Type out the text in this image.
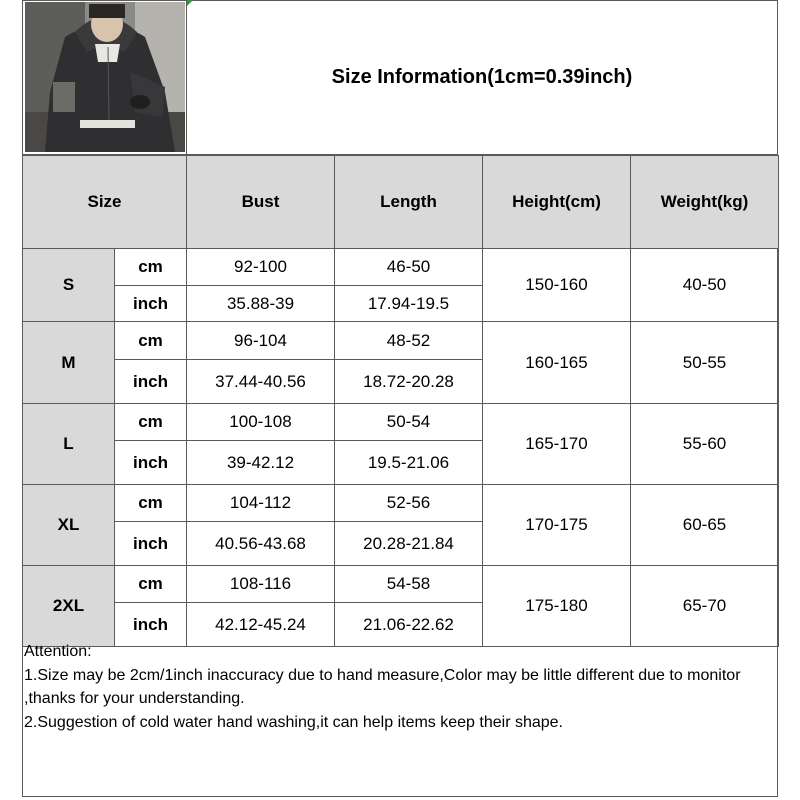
Size Information(1cm=0.39inch)
Size		Bust	Length	Height(cm)	Weight(kg)
S	cm	92-100	46-50	150-160	40-50
	inch	35.88-39	17.94-19.5		
M	cm	96-104	48-52	160-165	50-55
	inch	37.44-40.56	18.72-20.28		
L	cm	100-108	50-54	165-170	55-60
	inch	39-42.12	19.5-21.06		
XL	cm	104-112	52-56	170-175	60-65
	inch	40.56-43.68	20.28-21.84		
2XL	cm	108-116	54-58	175-180	65-70
	inch	42.12-45.24	21.06-22.62		
Attention:
1.Size may be 2cm/1inch inaccuracy due to hand measure,Color may be little different due to monitor ,thanks for your understanding.
2.Suggestion of cold water hand washing,it can help items keep their shape.
